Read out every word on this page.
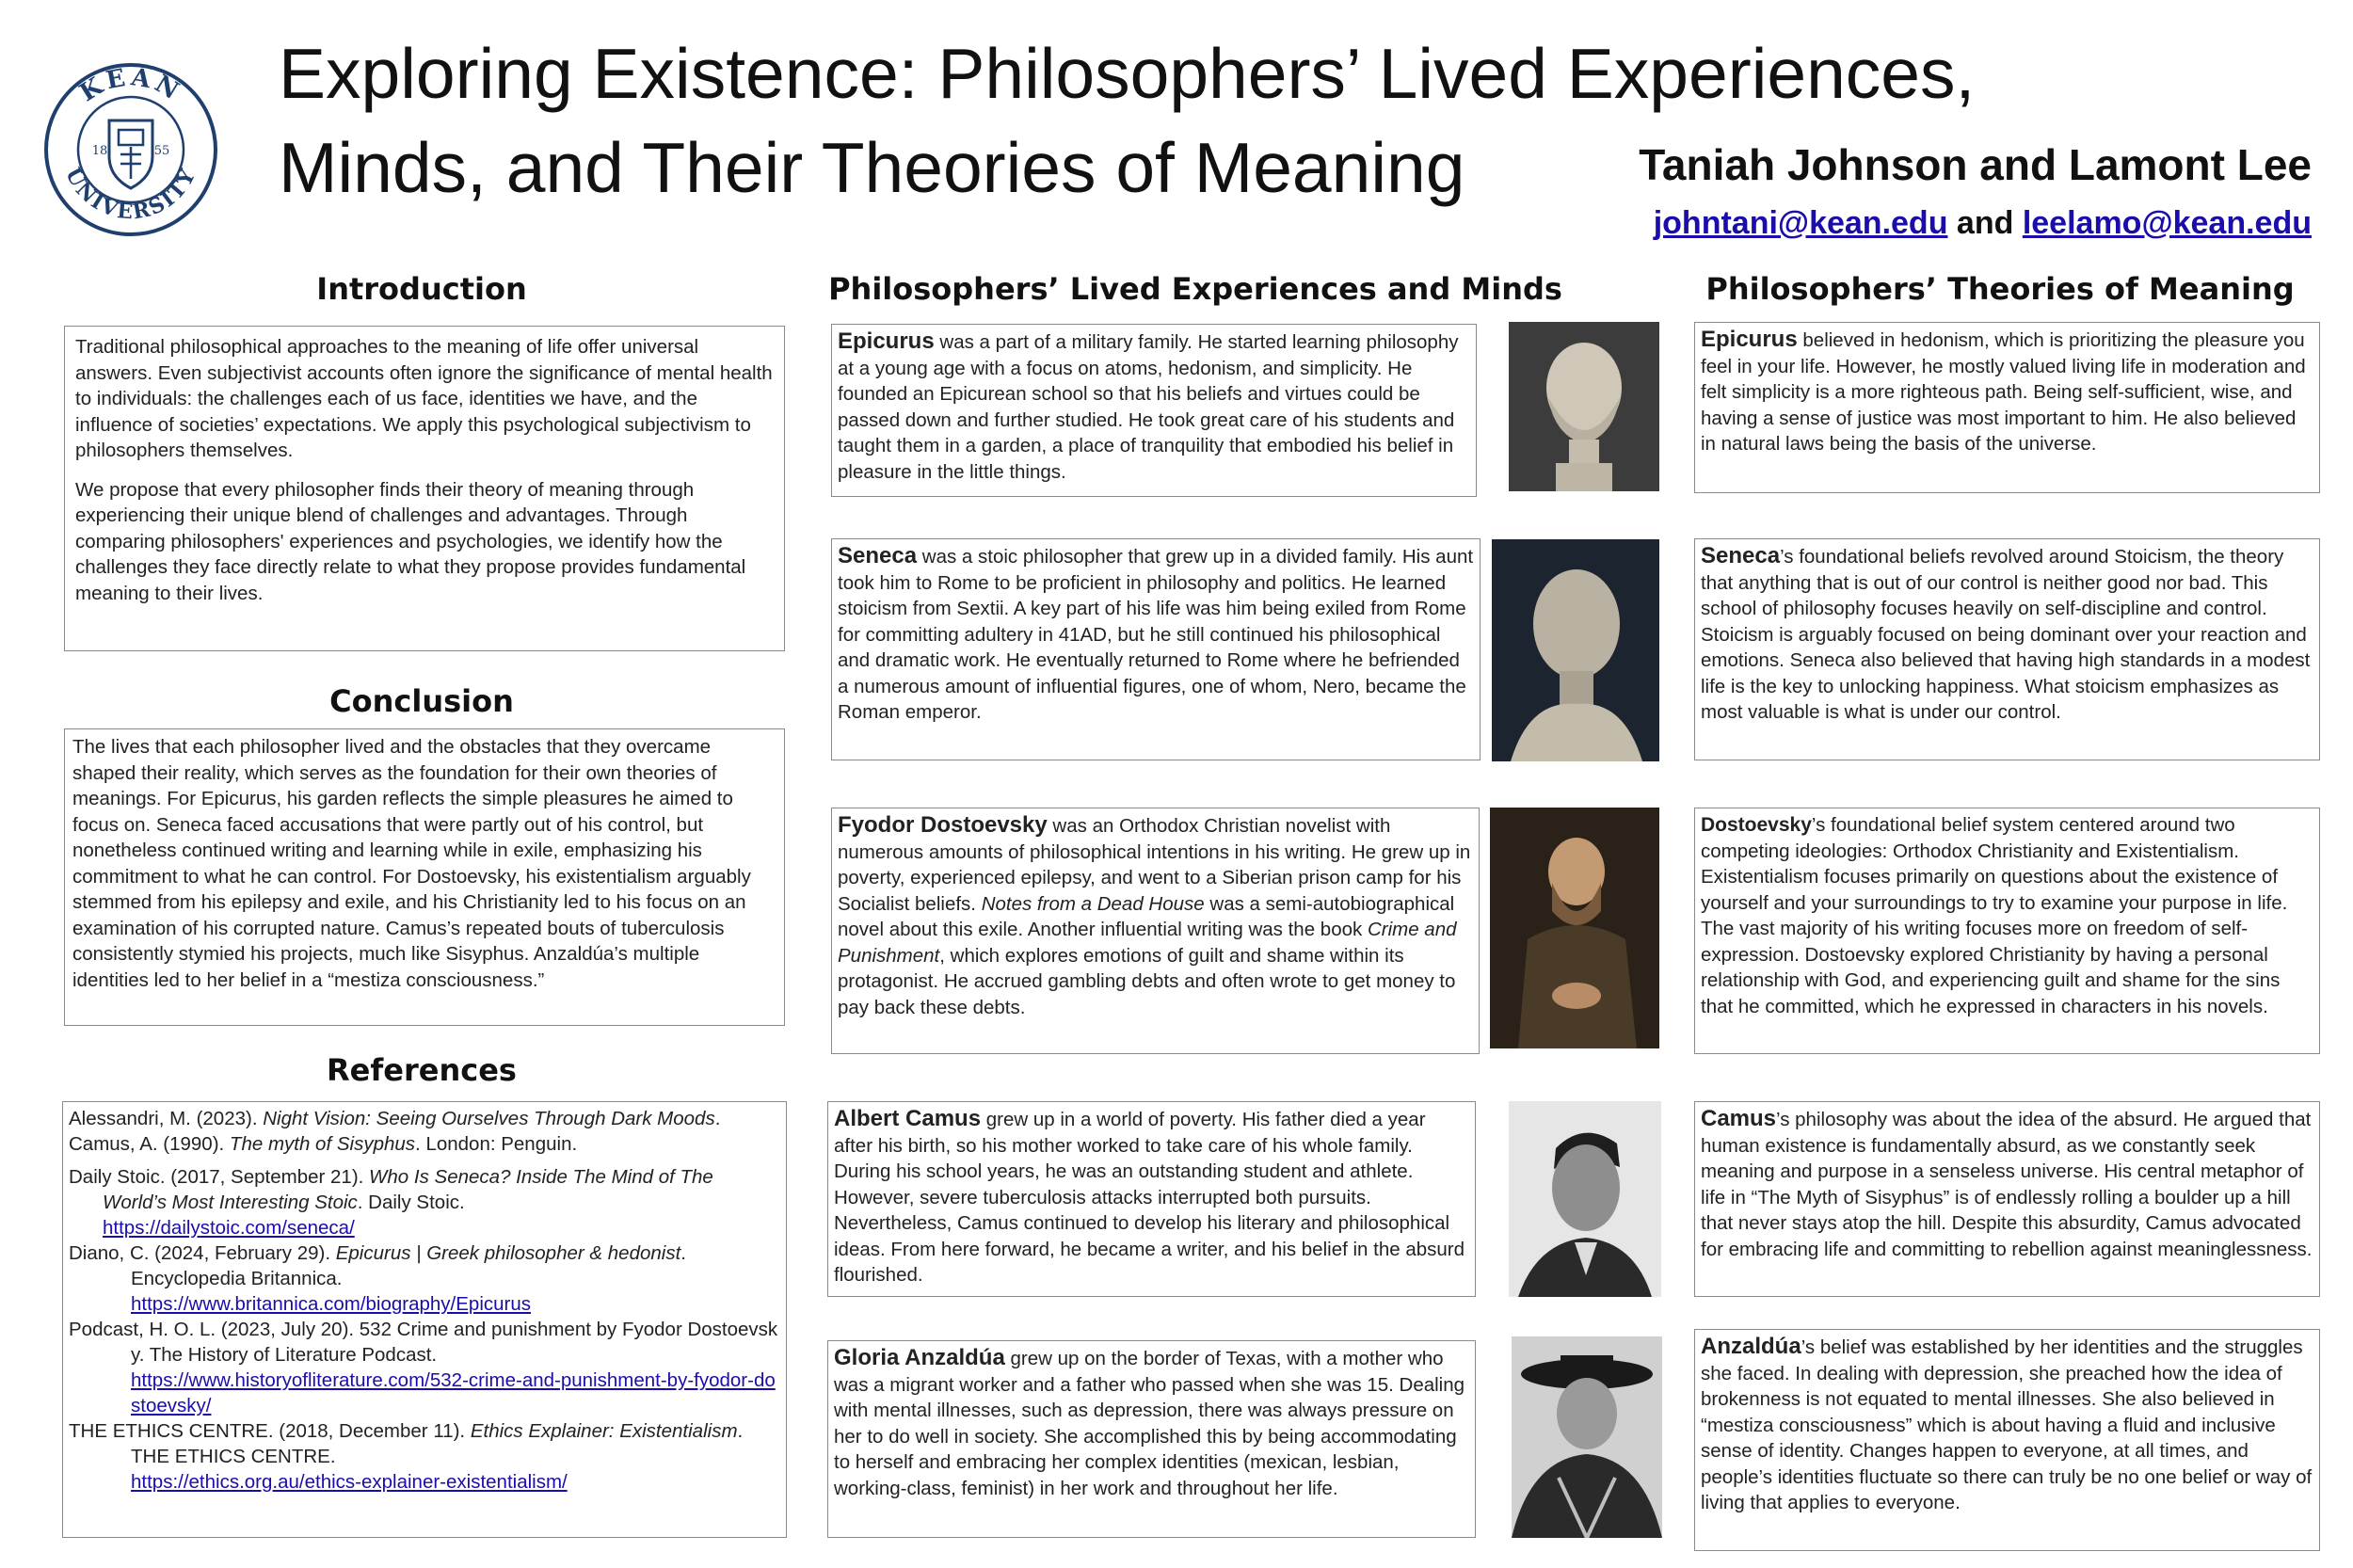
KEAN
UNIVERSITY
18	55
Exploring Existence: Philosophers’ Lived Experiences,
Minds, and Their Theories of Meaning	Taniah Johnson and Lamont Lee
johntani@kean.edu and leelamo@kean.edu
Introduction

Traditional philosophical approaches to the meaning of life offer universal answers. Even subjectivist accounts often ignore the significance of mental health to individuals: the challenges each of us face, identities we have, and the influence of societies’ expectations. We apply this psychological subjectivism to philosophers themselves.

We propose that every philosopher finds their theory of meaning through experiencing their unique blend of challenges and advantages. Through comparing philosophers' experiences and psychologies, we identify how the challenges they face directly relate to what they propose provides fundamental meaning to their lives.

Conclusion
The lives that each philosopher lived and the obstacles that they overcame shaped their reality, which serves as the foundation for their own theories of meanings. For Epicurus, his garden reflects the simple pleasures he aimed to focus on. Seneca faced accusations that were partly out of his control, but nonetheless continued writing and learning while in exile, emphasizing his commitment to what he can control. For Dostoevsky, his existentialism arguably stemmed from his epilepsy and exile, and his Christianity led to his focus on an examination of his corrupted nature. Camus’s repeated bouts of tuberculosis consistently stymied his projects, much like Sisyphus. Anzaldúa’s multiple identities led to her belief in a “mestiza consciousness.”
References
Alessandri, M. (2023). Night Vision: Seeing Ourselves Through Dark Moods.
Camus, A. (1990). The myth of Sisyphus. London: Penguin.
Daily Stoic. (2017, September 21). Who Is Seneca? Inside The Mind of The World’s Most Interesting Stoic. Daily Stoic.
https://dailystoic.com/seneca/
Diano, C. (2024, February 29). Epicurus | Greek philosopher & hedonist. Encyclopedia Britannica.
https://www.britannica.com/biography/Epicurus
Podcast, H. O. L. (2023, July 20). 532 Crime and punishment by Fyodor Dostoevsky. The History of Literature Podcast.
https://www.historyofliterature.com/532-crime-and-punishment-by-fyodor-dostoevsky/
THE ETHICS CENTRE. (2018, December 11). Ethics Explainer: Existentialism. THE ETHICS CENTRE.
https://ethics.org.au/ethics-explainer-existentialism/
Philosophers’ Lived Experiences and Minds
Epicurus was a part of a military family. He started learning philosophy at a young age with a focus on atoms, hedonism, and simplicity. He founded an Epicurean school so that his beliefs and virtues could be passed down and further studied. He took great care of his students and taught them in a garden, a place of tranquility that embodied his belief in pleasure in the little things.
Seneca was a stoic philosopher that grew up in a divided family. His aunt took him to Rome to be proficient in philosophy and politics. He learned stoicism from Sextii. A key part of his life was him being exiled from Rome for committing adultery in 41AD, but he still continued his philosophical and dramatic work. He eventually returned to Rome where he befriended a numerous amount of influential figures, one of whom, Nero, became the Roman emperor.
Fyodor Dostoevsky was an Orthodox Christian novelist with numerous amounts of philosophical intentions in his writing. He grew up in poverty, experienced epilepsy, and went to a Siberian prison camp for his Socialist beliefs. Notes from a Dead House was a semi-autobiographical novel about this exile. Another influential writing was the book Crime and Punishment, which explores emotions of guilt and shame within its protagonist. He accrued gambling debts and often wrote to get money to pay back these debts.
Albert Camus grew up in a world of poverty. His father died a year after his birth, so his mother worked to take care of his whole family. During his school years, he was an outstanding student and athlete. However, severe tuberculosis attacks interrupted both pursuits. Nevertheless, Camus continued to develop his literary and philosophical ideas. From here forward, he became a writer, and his belief in the absurd flourished.
Gloria Anzaldúa grew up on the border of Texas, with a mother who was a migrant worker and a father who passed when she was 15. Dealing with mental illnesses, such as depression, there was always pressure on her to do well in society. She accomplished this by being accommodating to herself and embracing her complex identities (mexican, lesbian, working-class, feminist) in her work and throughout her life.
Philosophers’ Theories of Meaning
Epicurus believed in hedonism, which is prioritizing the pleasure you feel in your life. However, he mostly valued living life in moderation and felt simplicity is a more righteous path. Being self-sufficient, wise, and having a sense of justice was most important to him. He also believed in natural laws being the basis of the universe.
Seneca’s foundational beliefs revolved around Stoicism, the theory that anything that is out of our control is neither good nor bad. This school of philosophy focuses heavily on self-discipline and control. Stoicism is arguably focused on being dominant over your reaction and emotions. Seneca also believed that having high standards in a modest life is the key to unlocking happiness. What stoicism emphasizes as most valuable is what is under our control.
Dostoevsky’s foundational belief system centered around two competing ideologies: Orthodox Christianity and Existentialism. Existentialism focuses primarily on questions about the existence of yourself and your surroundings to try to examine your purpose in life. The vast majority of his writing focuses more on freedom of self-expression. Dostoevsky explored Christianity by having a personal relationship with God, and experiencing guilt and shame for the sins that he committed, which he expressed in characters in his novels.
Camus’s philosophy was about the idea of the absurd. He argued that human existence is fundamentally absurd, as we constantly seek meaning and purpose in a senseless universe. His central metaphor of life in “The Myth of Sisyphus” is of endlessly rolling a boulder up a hill that never stays atop the hill. Despite this absurdity, Camus advocated for embracing life and committing to rebellion against meaninglessness.
Anzaldúa’s belief was established by her identities and the struggles she faced. In dealing with depression, she preached how the idea of brokenness is not equated to mental illnesses. She also believed in “mestiza consciousness” which is about having a fluid and inclusive sense of identity. Changes happen to everyone, at all times, and people’s identities fluctuate so there can truly be no one belief or way of living that applies to everyone.
